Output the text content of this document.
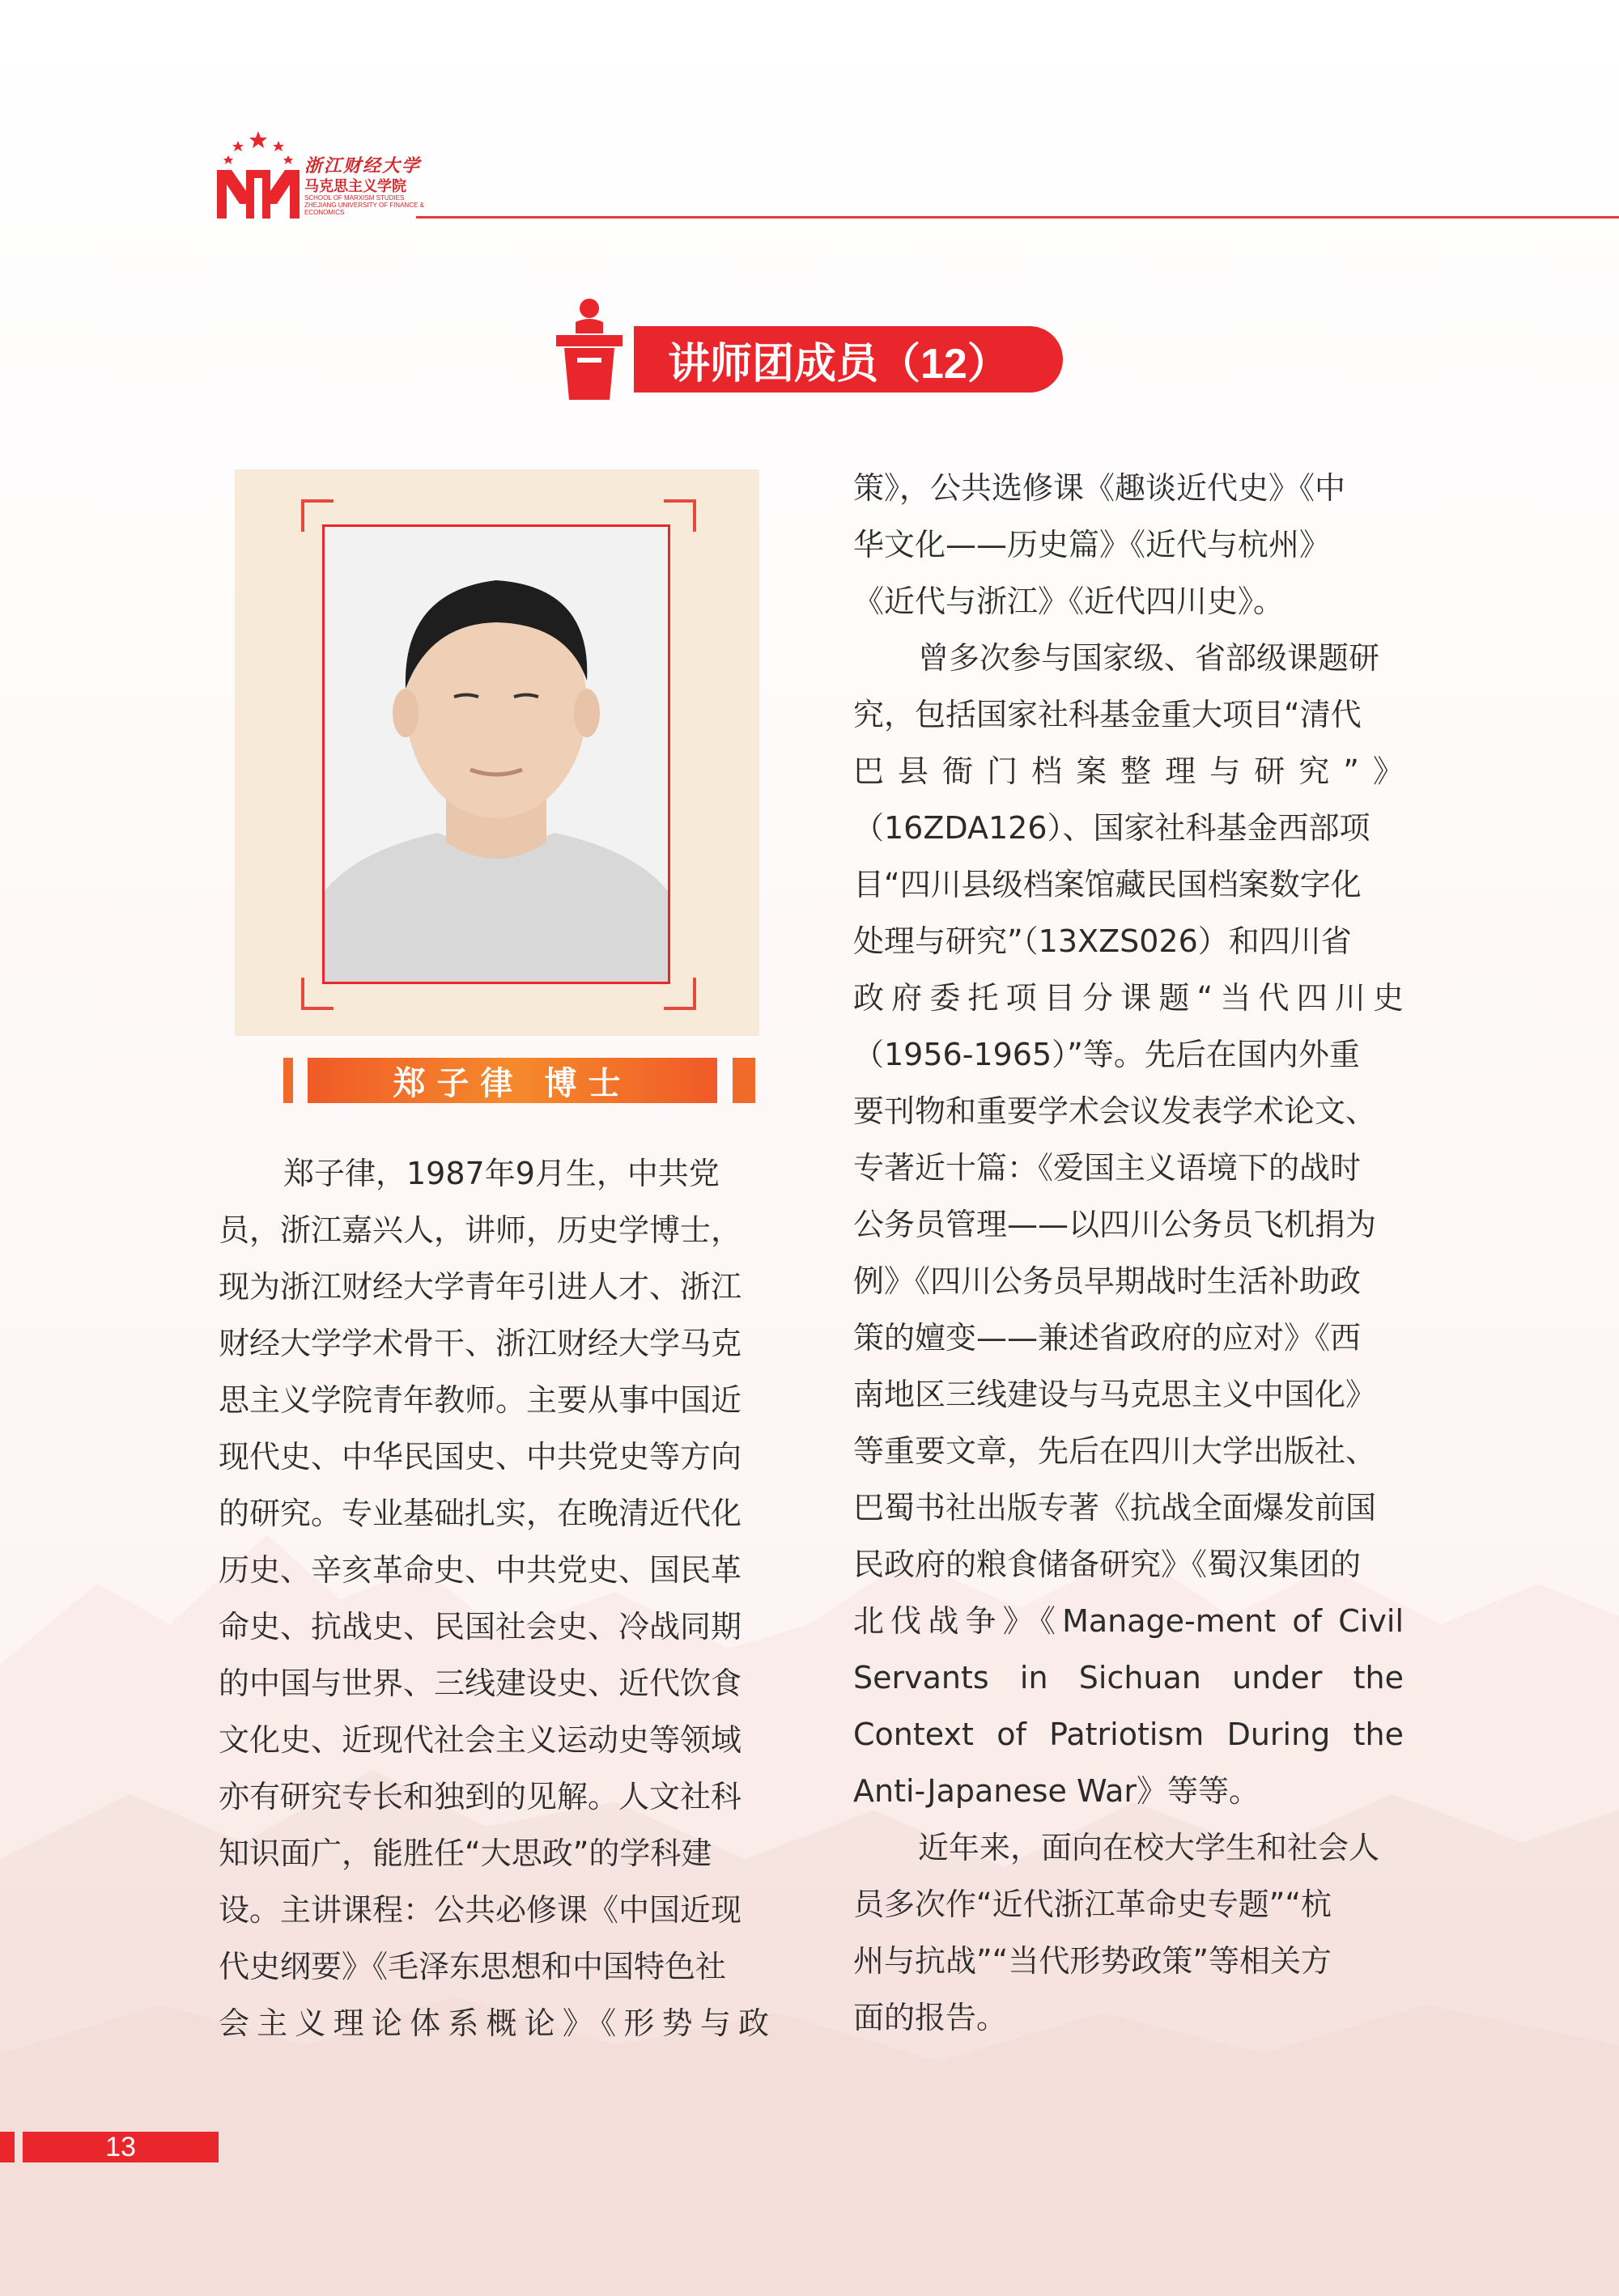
浙江财经大学
马克思主义学院
SCHOOL OF MARXISM STUDIES ZHEJIANG UNIVERSITY OF FINANCE & ECONOMICS
讲师团成员（12）
郑子律 博士
郑子律，1987年9月生，中共党
员，浙江嘉兴人，讲师，历史学博士，
现为浙江财经大学青年引进人才、浙江
财经大学学术骨干、浙江财经大学马克
思主义学院青年教师。主要从事中国近
现代史、中华民国史、中共党史等方向
的研究。专业基础扎实，在晚清近代化
历史、辛亥革命史、中共党史、国民革
命史、抗战史、民国社会史、冷战同期
的中国与世界、三线建设史、近代饮食
文化史、近现代社会主义运动史等领域
亦有研究专长和独到的见解。人文社科
知识面广，能胜任“大思政”的学科建
设。主讲课程：公共必修课《中国近现
代史纲要》《毛泽东思想和中国特色社
会主义理论体系概论》《形势与政
策》，公共选修课《趣谈近代史》《中
华文化——历史篇》《近代与杭州》
《近代与浙江》《近代四川史》。
曾多次参与国家级、省部级课题研
究，包括国家社科基金重大项目“清代
巴县衙门档案整理与研究”》
（16ZDA126）、国家社科基金西部项
目“四川县级档案馆藏民国档案数字化
处理与研究”（13XZS026）和四川省
政府委托项目分课题“当代四川史
（1956-1965）”等。先后在国内外重
要刊物和重要学术会议发表学术论文、
专著近十篇：《爱国主义语境下的战时
公务员管理——以四川公务员飞机捐为
例》《四川公务员早期战时生活补助政
策的嬗变——兼述省政府的应对》《西
南地区三线建设与马克思主义中国化》
等重要文章，先后在四川大学出版社、
巴蜀书社出版专著《抗战全面爆发前国
民政府的粮食储备研究》《蜀汉集团的
北伐战争》《Manage-ment of Civil
Servants in Sichuan under the
Context of Patriotism During the
Anti-Japanese War》等等。
近年来，面向在校大学生和社会人
员多次作“近代浙江革命史专题”“杭
州与抗战”“当代形势政策”等相关方
面的报告。
13
